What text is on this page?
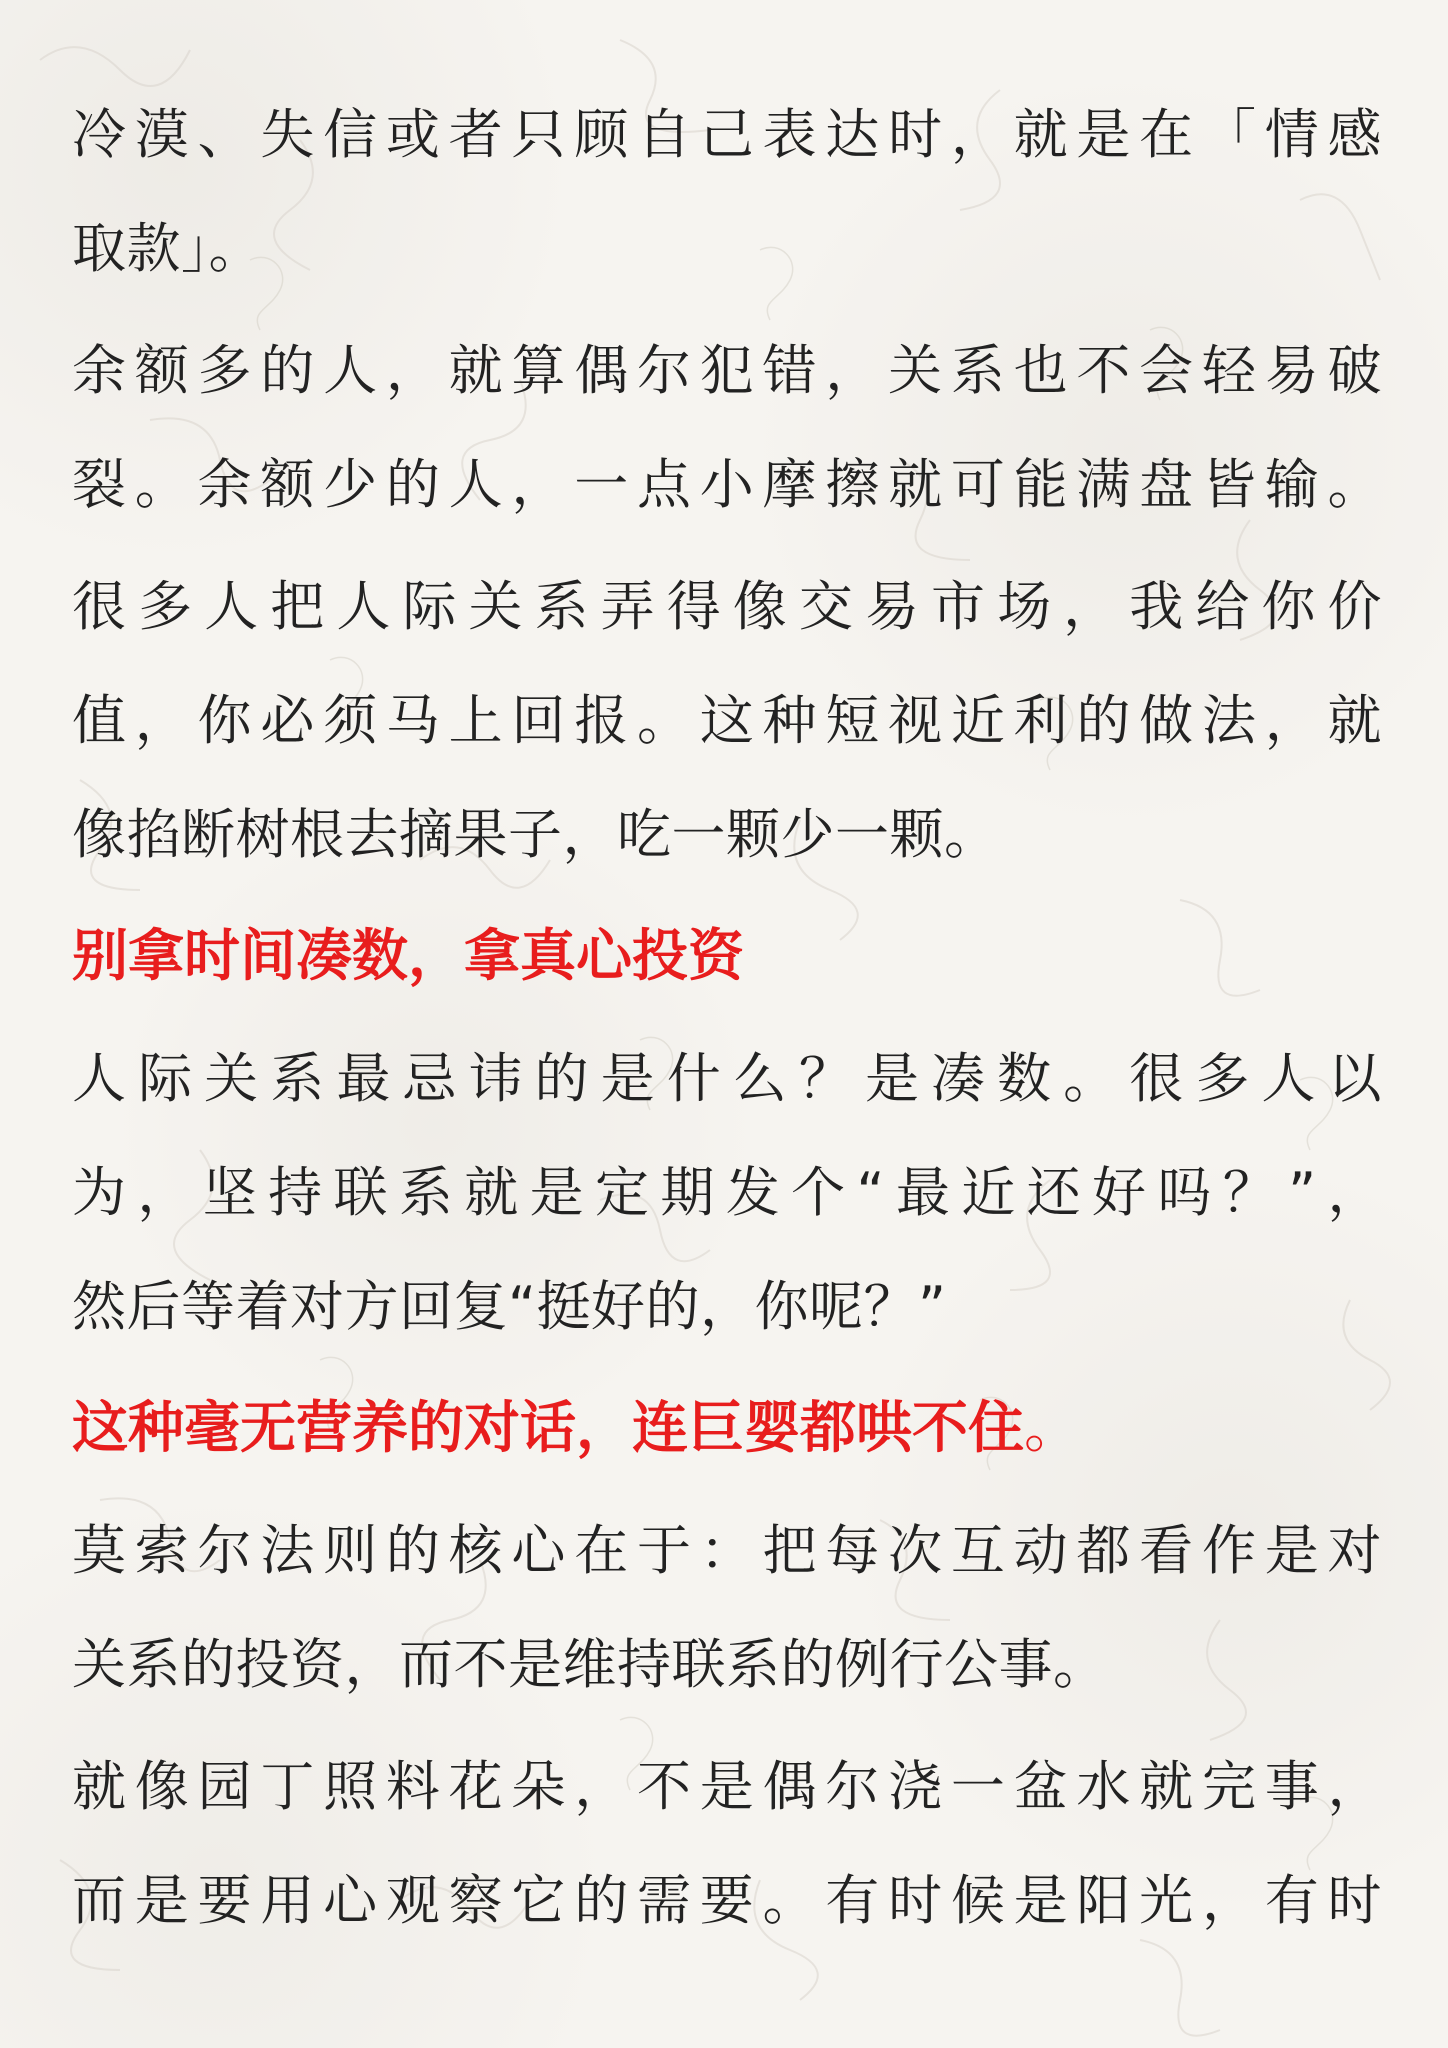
冷漠、失信或者只顾自己表达时，就是在「情感
取款」。
余额多的人，就算偶尔犯错，关系也不会轻易破
裂。余额少的人，一点小摩擦就可能满盘皆输。
很多人把人际关系弄得像交易市场，我给你价
值，你必须马上回报。这种短视近利的做法，就
像掐断树根去摘果子，吃一颗少一颗。
别拿时间凑数，拿真心投资
人际关系最忌讳的是什么？是凑数。很多人以
为，坚持联系就是定期发个“最近还好吗？”，
然后等着对方回复“挺好的，你呢？”
这种毫无营养的对话，连巨婴都哄不住。
莫索尔法则的核心在于：把每次互动都看作是对
关系的投资，而不是维持联系的例行公事。
就像园丁照料花朵，不是偶尔浇一盆水就完事，
而是要用心观察它的需要。有时候是阳光，有时
